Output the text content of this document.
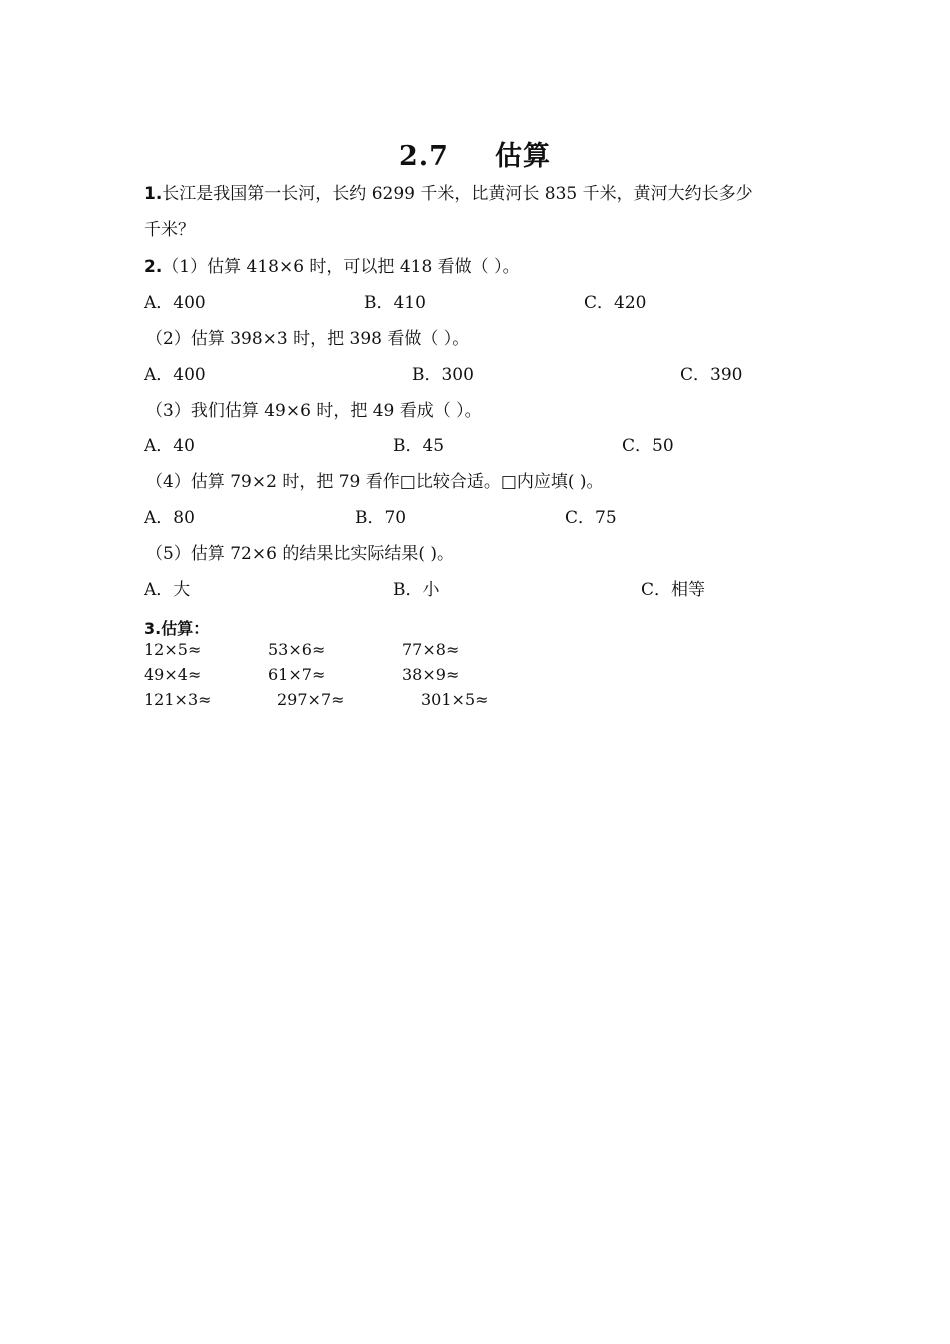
2.7 估算
1.长江是我国第一长河，长约 6299 千米，比黄河长 835 千米，黄河大约长多少
千米？
2.（1）估算 418×6 时，可以把 418 看做（ ）。
A．400	B．410	C．420
（2）估算 398×3 时，把 398 看做（ ）。
A．400	B．300	C．390
（3）我们估算 49×6 时，把 49 看成（ ）。
A．40	B．45	C．50
（4）估算 79×2 时，把 79 看作□比较合适。□内应填( )。
A．80	B．70	C．75
（5）估算 72×6 的结果比实际结果( )。
A．大	B．小	C．相等
3.估算：
12×5≈	53×6≈	77×8≈
49×4≈	61×7≈	38×9≈
121×3≈	297×7≈	301×5≈
